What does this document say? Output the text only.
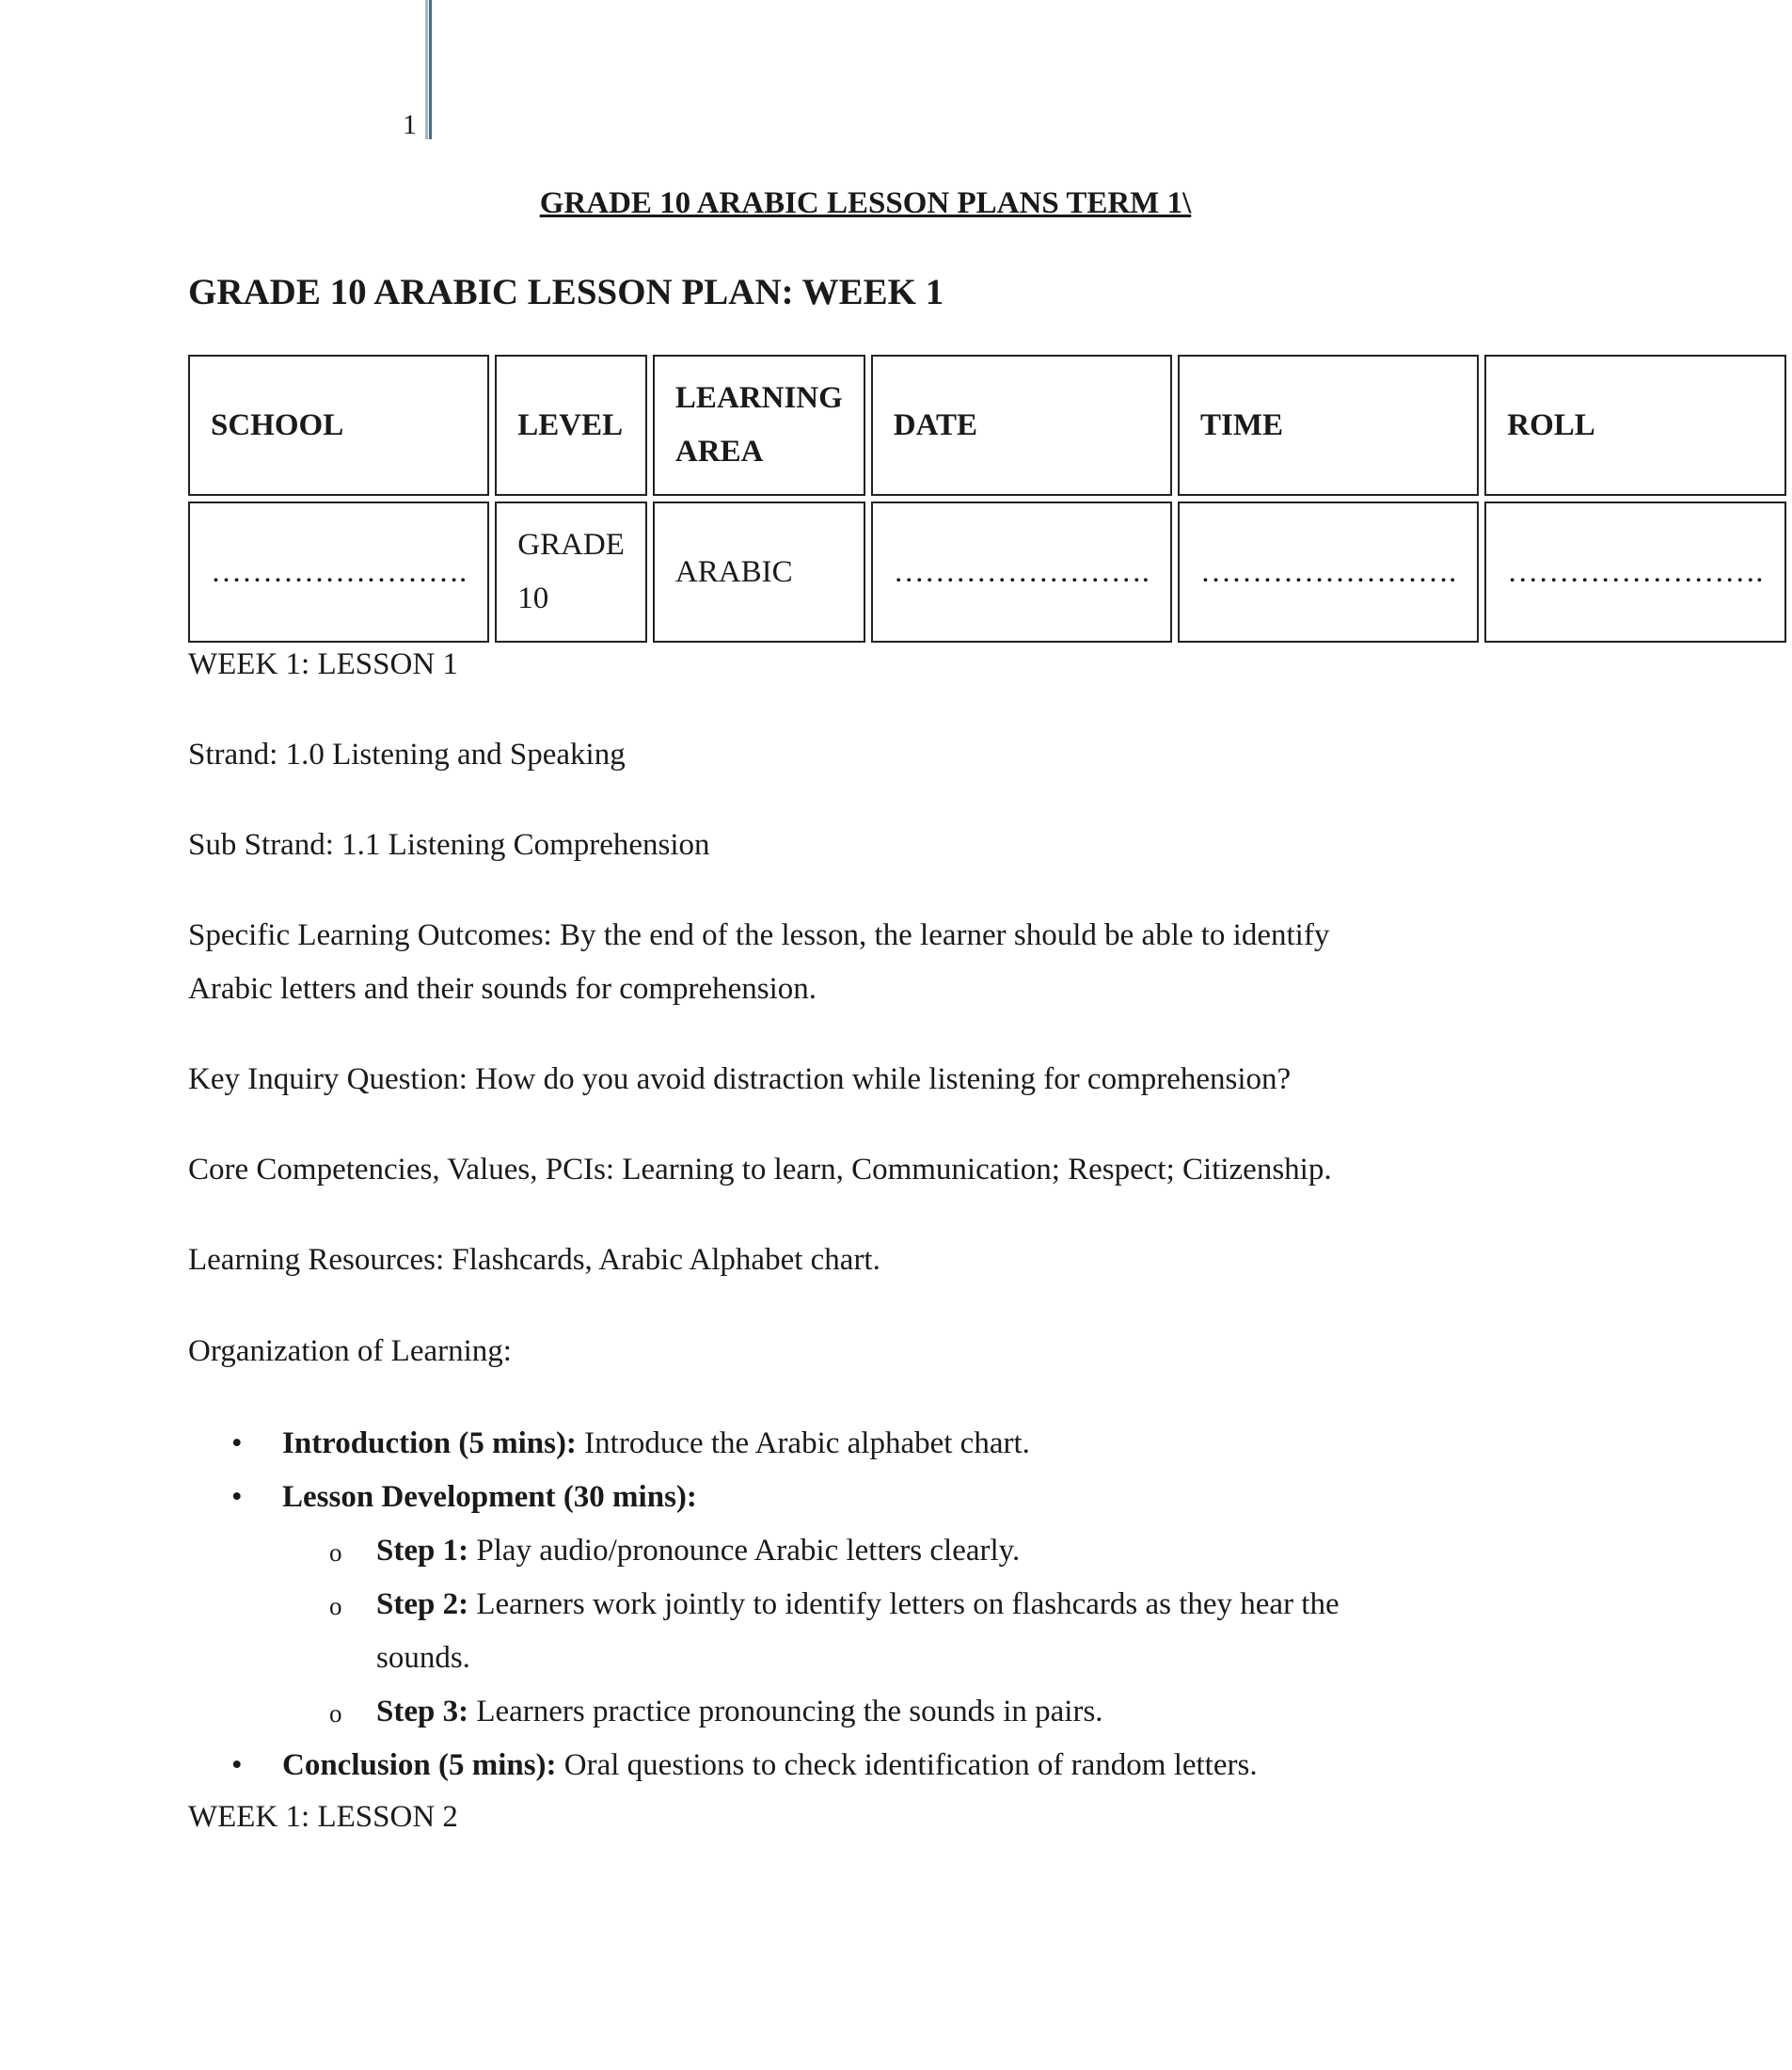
1
GRADE 10 ARABIC LESSON PLANS TERM 1\
GRADE 10 ARABIC LESSON PLAN: WEEK 1
SCHOOL	LEVEL	LEARNING AREA	DATE	TIME	ROLL
…………………….	GRADE 10	ARABIC	…………………….	…………………….	…………………….

WEEK 1: LESSON 1

Strand: 1.0 Listening and Speaking

Sub Strand: 1.1 Listening Comprehension

Specific Learning Outcomes: By the end of the lesson, the learner should be able to identify Arabic letters and their sounds for comprehension.

Key Inquiry Question: How do you avoid distraction while listening for comprehension?

Core Competencies, Values, PCIs: Learning to learn, Communication; Respect; Citizenship.

Learning Resources: Flashcards, Arabic Alphabet chart.

Organization of Learning:

• Introduction (5 mins): Introduce the Arabic alphabet chart.
• Lesson Development (30 mins):
o Step 1: Play audio/pronounce Arabic letters clearly.
o Step 2: Learners work jointly to identify letters on flashcards as they hear the sounds.
o Step 3: Learners practice pronouncing the sounds in pairs.
• Conclusion (5 mins): Oral questions to check identification of random letters.

WEEK 1: LESSON 2
